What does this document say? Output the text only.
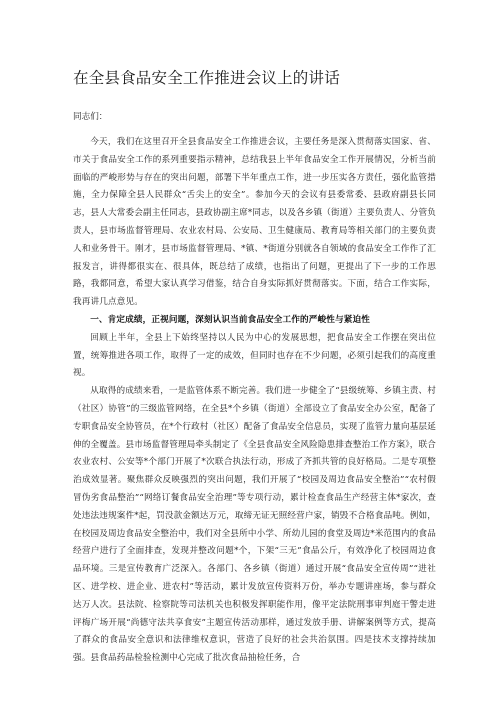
在全县食品安全工作推进会议上的讲话

同志们：

今天，我们在这里召开全县食品安全工作推进会议，主要任务是深入贯彻落实国家、省、市关于食品安全工作的系列重要指示精神，总结我县上半年食品安全工作开展情况，分析当前面临的严峻形势与存在的突出问题，部署下半年重点工作，进一步压实各方责任，强化监管措施，全力保障全县人民群众“舌尖上的安全”。参加今天的会议有县委常委、县政府副县长同志，县人大常委会副主任同志，县政协副主席*同志，以及各乡镇（街道）主要负责人、分管负责人，县市场监督管理局、农业农村局、公安局、卫生健康局、教育局等相关部门的主要负责人和业务骨干。刚才，县市场监督管理局、*镇、*街道分别就各自领域的食品安全工作作了汇报发言，讲得都很实在、很具体，既总结了成绩，也指出了问题，更提出了下一步的工作思路，我都同意，希望大家认真学习借鉴，结合自身实际抓好贯彻落实。下面，结合工作实际，我再讲几点意见。

一、肯定成绩，正视问题，深刻认识当前食品安全工作的严峻性与紧迫性

回顾上半年，全县上下始终坚持以人民为中心的发展思想，把食品安全工作摆在突出位置，统筹推进各项工作，取得了一定的成效，但同时也存在不少问题，必须引起我们的高度重视。

从取得的成绩来看，一是监管体系不断完善。我们进一步健全了“县级统筹、乡镇主责、村（社区）协管”的三级监管网络，在全县*个乡镇（街道）全部设立了食品安全办公室，配备了专职食品安全协管员，在*个行政村（社区）配备了食品安全信息员，实现了监管力量向基层延伸的全覆盖。县市场监督管理局牵头制定了《全县食品安全风险隐患排查整治工作方案》，联合农业农村、公安等*个部门开展了*次联合执法行动，形成了齐抓共管的良好格局。二是专项整治成效显著。聚焦群众反映强烈的突出问题，我们开展了“校园及周边食品安全整治”“农村假冒伪劣食品整治”“网络订餐食品安全治理”等专项行动，累计检查食品生产经营主体*家次，查处违法违规案件*起，罚没款金额达万元，取缔无证无照经营户家，销毁不合格食品吨。例如，在校园及周边食品安全整治中，我们对全县所中小学、所幼儿园的食堂及周边*米范围内的食品经营户进行了全面排查，发现并整改问题*个，下架“三无”食品公斤，有效净化了校园周边食品环境。三是宣传教育广泛深入。各部门、各乡镇（街道）通过开展“食品安全宣传周”“进社区、进学校、进企业、进农村”等活动，累计发放宣传资料万份，举办专题讲座场，参与群众达万人次。县法院、检察院等司法机关也积极发挥职能作用，像平定法院刑事审判庭干警走进评梅广场开展“尚德守法共享食安”主题宣传活动那样，通过发放手册、讲解案例等方式，提高了群众的食品安全意识和法律维权意识，营造了良好的社会共治氛围。四是技术支撑持续加强。县食品药品检验检测中心完成了批次食品抽检任务，合
